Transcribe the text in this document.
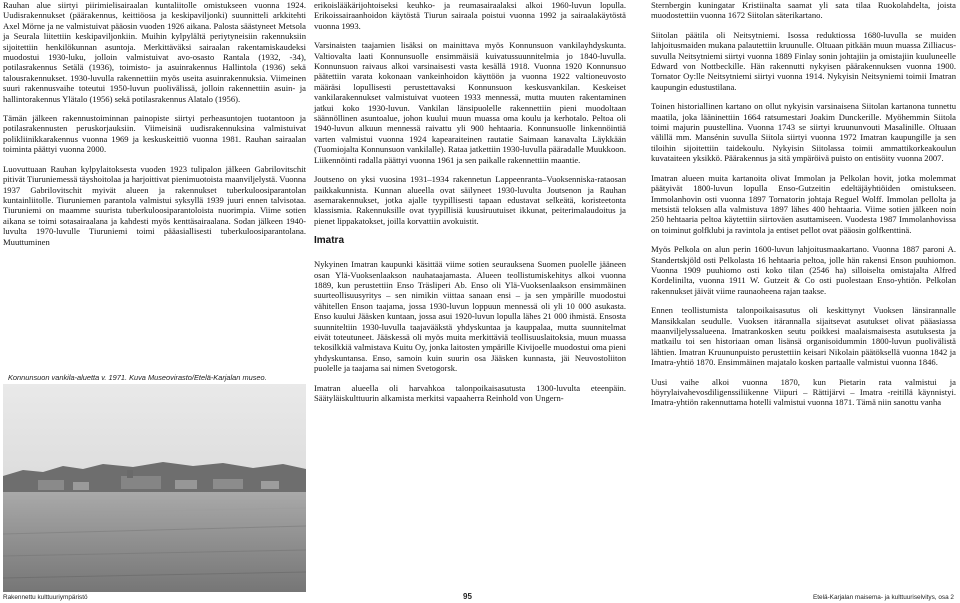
Rauhan alue siirtyi piirimielisairaalan kuntaliitolle omistukseen vuonna 1924. Uudisrakennukset (päärakennus, keittiöosa ja keskipaviljonki) suunnitteli arkkitehti Axel Mörne ja ne valmistuivat pääosin vuoden 1926 aikana. Palosta säästyneet Metsola ja Seurala liitettiin keskipaviljonkiin. Muihin kylpylältä periytyneisiin rakennuksiin sijoitettiin henkilökunnan asuntoja. Merkittäväksi sairaalan rakentamiskaudeksi muodostui 1930-luku, jolloin valmistuivat avo-osasto Rantala (1932, -34), potilasrakennus Setälä (1936), toimisto- ja asuinrakennus Hallintola (1936) sekä talousrakennukset. 1930-luvulla rakennettiin myös useita asuinrakennuksia. Viimeinen suuri rakennusvaihe toteutui 1950-luvun puolivälissä, jolloin rakennettiin asuin- ja hallintorakennus Ylätalo (1956) sekä potilasrakennus Alatalo (1956).

Tämän jälkeen rakennustoiminnan painopiste siirtyi perheasuntojen tuotantoon ja potilasrakennusten peruskorjauksiin. Viimeisinä uudisrakennuksina valmistuivat polikliinikkarakennus vuonna 1969 ja keskuskeittiö vuonna 1981. Rauhan sairaalan toiminta päättyi vuonna 2000.

Luovuttuaan Rauhan kylpylaitoksesta vuoden 1923 tulipalon jälkeen Gabrilovitschit pitivät Tiuruniemessä täyshoitolaa ja harjoittivat pienimuotoista maanviljelystä. Vuonna 1937 Gabrilovitschit myivät alueen ja rakennukset tuberkuloosiparantolan kuntainliitolle. Tiuruniemen parantola valmistui syksyllä 1939 juuri ennen talvisotaa. Tiuruniemi on maamme suurista tuberkuloosiparantoloista nuorimpia. Viime sotien aikana se toimi sotasairaalana ja kahdesti myös kenttäsairaalana. Sodan jälkeen 1940-luvulta 1970-luvulle Tiuruniemi toimi pääasiallisesti tuberkuloosiparantolana. Muuttuminen

Konnunsuon vankila-aluetta v. 1971. Kuva Museovirasto/Etelä-Karjalan museo.

erikoislääkärijohtoiseksi keuhko- ja reumasairaalaksi alkoi 1960-luvun lopulla. Erikoissairaanhoidon käytöstä Tiurun sairaala poistui vuonna 1992 ja sairaalakäytöstä vuonna 1993.

Varsinaisten taajamien lisäksi on mainittava myös Konnunsuon vankilayhdyskunta. Valtiovalta laati Konnunsuolle ensimmäisiä kuivatussuunnitelmia jo 1840-luvulla. Konnunsuon raivaus alkoi varsinaisesti vasta kesällä 1918. Vuonna 1920 Konnunsuo päätettiin varata kokonaan vankeinhoidon käyttöön ja vuonna 1922 valtioneuvosto määräsi lopullisesti perustettavaksi Konnunsuon keskusvankilan. Keskeiset vankilarakennukset valmistuivat vuoteen 1933 mennessä, mutta muuten rakentaminen jatkui koko 1930-luvun. Vankilan länsipuolelle rakennettiin pieni muodoltaan säännöllinen asuntoalue, johon kuului muun muassa oma koulu ja kerhotalo. Peltoa oli 1940-luvun alkuun mennessä raivattu yli 900 hehtaaria. Konnunsuolle linkennöintiä varten valmistui vuonna 1924 kapearaiteinen rautatie Saimaan kanavalta Läykkään (Tuomiojalta Konnunsuon vankilalle). Rataa jatkettiin 1930-luvulla pääradalle Muukkoon. Liikennöinti radalla päättyi vuonna 1961 ja sen paikalle rakennettiin maantie.

Joutseno on yksi vuosina 1931–1934 rakennetun Lappeenranta–Vuoksenniska-rataosan paikkakunnista. Kunnan alueella ovat säilyneet 1930-luvulta Joutsenon ja Rauhan asemarakennukset, jotka ajalle tyypillisesti tapaan edustavat selkeätä, koristeetonta klassismia. Rakennuksille ovat tyypillisiä kuusiruutuiset ikkunat, peiterimalaudoitus ja pienet lippakatokset, joilla korvattiin avokuistit.

Imatra

Nykyinen Imatran kaupunki käsittää viime sotien seurauksena Suomen puolelle jääneen osan Ylä-Vuoksenlaakson nauhataajamasta. Alueen teollistumiskehitys alkoi vuonna 1889, kun perustettiin Enso Träsliperi Ab. Enso oli Ylä-Vuoksenlaakson ensimmäinen suurteollisuusyritys – sen nimikin viittaa sanaan ensi – ja sen ympärille muodostui vähitellen Enson taajama, jossa 1930-luvun loppuun mennessä oli yli 10 000 asukasta. Enso kuului Jääsken kuntaan, jossa asui 1920-luvun lopulla lähes 21 000 ihmistä. Ensosta suunniteltiin 1930-luvulla taajavääkstä yhdyskuntaa ja kauppalaa, mutta suunnitelmat eivät toteutuneet. Jääskessä oli myös muita merkittäviä teollisuuslaitoksia, muun muassa tekosilkkiä valmistava Kuitu Oy, jonka laitosten ympärille Kivijoelle muodostui oma pieni yhdyskuntansa. Enso, samoin kuin suurin osa Jääsken kunnasta, jäi Neuvostoliiton puolelle ja taajama sai nimen Svetogorsk.

Imatran alueella oli harvahkoa talonpoikaisasutusta 1300-luvulta eteenpäin. Säätyläiskulttuurin alkamista merkitsi vapaaherra Reinhold von Ungern-

Sternbergin kuningatar Kristiinalta saamat yli sata tilaa Ruokolahdelta, joista muodostettiin vuonna 1672 Siitolan säterikartano.

Siitolan päätila oli Neitsytniemi. Isossa reduktiossa 1680-luvulla se muiden lahjoitusmaiden mukana palautettiin kruunulle. Oltuaan pitkään muun muassa Zilliacus-suvulla Neitsytniemi siirtyi vuonna 1889 Finlay sonin johtajiin ja omistajiin kuuluneelle Edward von Nottbeckille. Hän rakennutti nykyisen päärakennuksen vuonna 1900. Tornator Oy:lle Neitsytniemi siirtyi vuonna 1914. Nykyisin Neitsyniemi toimii Imatran kaupungin edustustilana.

Toinen historiallinen kartano on ollut nykyisin varsinaisena Siitolan kartanona tunnettu maatila, joka lääninettiin 1664 ratsumestari Joakim Dunckerille. Myöhemmin Siitola toimi majurin puustellina. Vuonna 1743 se siirtyi kruununvouti Masalinille. Oltuaan välillä mm. Mansénin suvulla Siitola siirtyi vuonna 1972 Imatran kaupungille ja sen tiloihin sijoitettiin taidekoulu. Nykyisin Siitolassa toimii ammattikorkeakoulun kuvataiteen yksikkö. Päärakennus ja sitä ympäröivä puisto on entisöity vuonna 2007.

Imatran alueen muita kartanoita olivat Immolan ja Pelkolan hovit, jotka molemmat päätyivät 1800-luvun lopulla Enso-Gutzeitin edeltäjäyhtiöiden omistukseen. Immolanhovin osti vuonna 1897 Tornatorin johtaja Reguel Wolff. Immolan pellolta ja metsistä teloksen alla valmistuva 1897 lähes 400 hehtaaria. Viime sotien jälkeen noin 250 hehtaaria peltoa käytettiin siirtoväen asuttamiseen. Vuodesta 1987 Immolanhovissa on toiminut golfklubi ja ravintola ja entiset pellot ovat pääosin golfkenttinä.

Myös Pelkola on alun perin 1600-luvun lahjoitusmaakartano. Vuonna 1887 paroni A. Standertskjöld osti Pelkolasta 16 hehtaaria peltoa, jolle hän rakensi Enson puuhiomon. Vuonna 1909 puuhiomo osti koko tilan (2546 ha) silloiselta omistajalta Alfred Kordelinilta, vuonna 1911 W. Gutzeit & Co osti puolestaan Enso-yhtiön. Pelkolan rakennukset jäivät viime raunaoheena rajan taakse.

Ennen teollistumista talonpoikaisasutus oli keskittynyt Vuoksen länsirannalle Mansikkalan seudulle. Vuoksen itärannalla sijaitsevat asutukset olivat pääasiassa maanviljelyssalueena. Imatrankosken seutu poikkesi maalaismaisesta asutuksesta ja matkailu toi sen historiaan oman lisänsä organisoidummin 1800-luvun puolivälistä lähtien. Imatran Kruununpuisto perustettiin keisari Nikolain päätöksellä vuonna 1842 ja Imatra-yhtiö 1870. Ensimmäinen majatalo kosken partaalle valmistui vuonna 1846.

Uusi vaihe alkoi vuonna 1870, kun Pietarin rata valmistui ja höyrylaivahevosdiligenssiliikenne Viipuri – Rättijärvi – Imatra -reitillä käynnistyi. Imatra-yhtiön rakennuttama hotelli valmistui vuonna 1871. Tämä niin sanottu vanha

Rakennettu kulttuuriympäristö	95	Etelä-Karjalan maisema- ja kulttuuriselvitys, osa 2
